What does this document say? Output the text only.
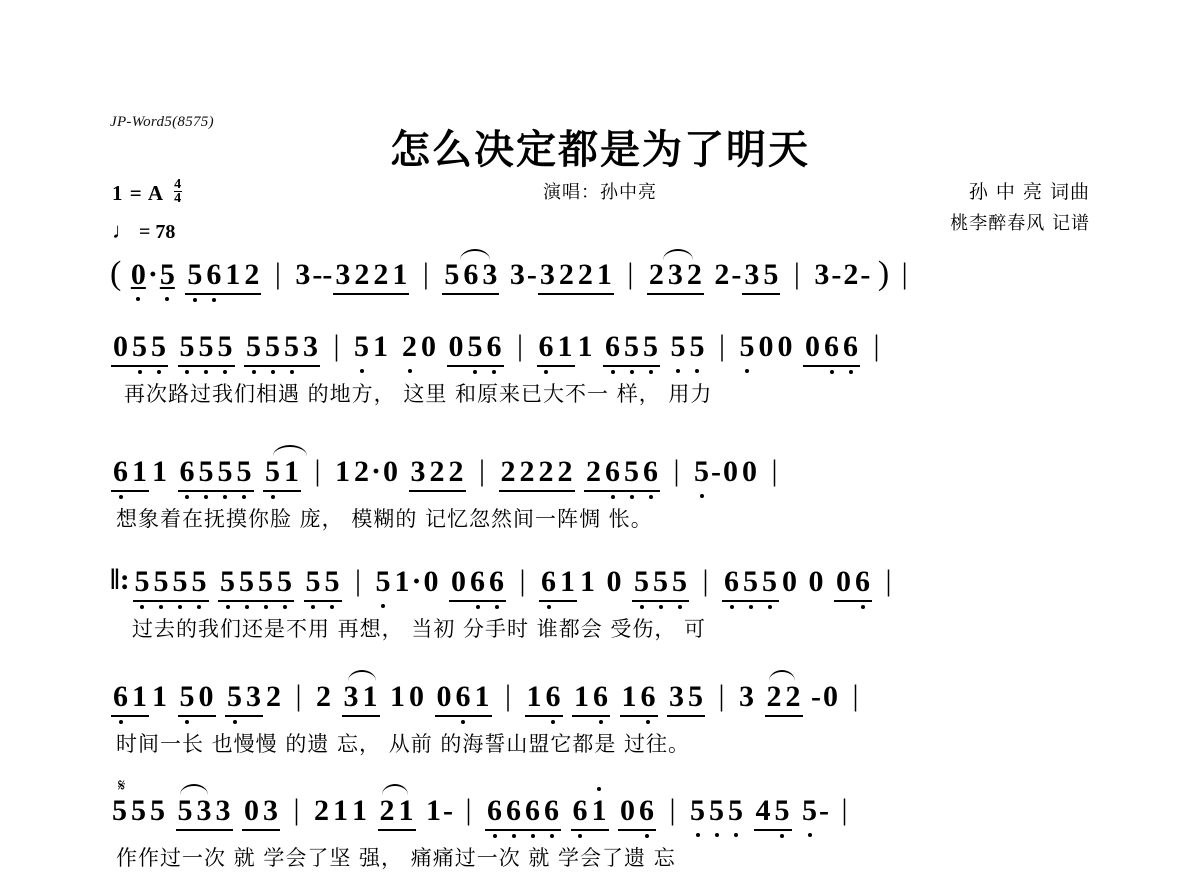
JP-Word5(8575)
怎么决定都是为了明天
演唱：孙中亮	孙 中 亮 词曲
桃李醉春风 记谱
1 = A $\frac{4}{4}$
♩ = 78
( 0·5 5 6 1 2 | 3-- 3 2 2 1 | 5 6 3 3- 3 2 2 1 | 2 3 2 2- 3 5 | 3-2- ) |
0 5 5 5 5 5 5 5 5 3 | 5 1 2 0 0 5 6 | 6 1 1 6 5 5 5 5 | 5 0 0 0 6 6 |
再次路过我们相遇 的地方， 这里 和原来已大不一 样， 用力
6 1 1 6 5 5 5 5 1 | 1 2·0 3 2 2 | 2 2 2 2 2 6 5 6 | 5-0 0 |
想象着在抚摸你脸 庞， 模糊的 记忆忽然间一阵惆 怅。
‖: 5 5 5 5 5 5 5 5 5 5 | 5 1·0 0 6 6 | 6 1 1 0 5 5 5 | 6 5 5 0 0 0 6 |
过去的我们还是不用 再想， 当初 分手时 谁都会 受伤， 可
6 1 1 5 0 5 3 2 | 2 3 1 1 0 0 6 1 | 1 6 1 6 1 6 3 5 | 3 2 2 -0 |
时间一长 也慢慢 的遗 忘， 从前 的海誓山盟它都是 过往。
𝄋
5 5 5 5 3 3 0 3 | 2 1 1 2 1 1- | 6 6 6 6 6 1 0 6 | 5 5 5 4 5 5- |
作作过一次 就 学会了坚 强， 痛痛过一次 就 学会了遗 忘
